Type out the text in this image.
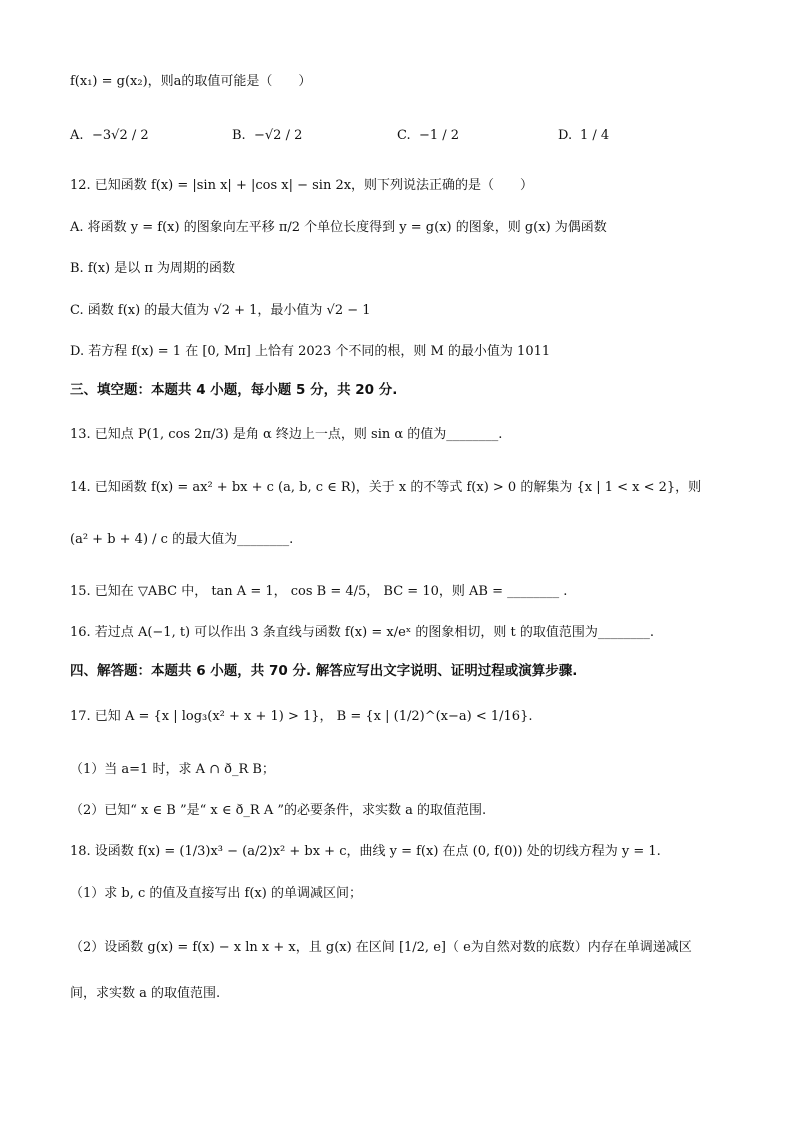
f(x₁) = g(x₂)，则a的取值可能是（　　）
A. −3√2 / 2	B. −√2 / 2	C. −1 / 2	D. 1 / 4
12. 已知函数 f(x) = |sin x| + |cos x| − sin 2x，则下列说法正确的是（　　）
A. 将函数 y = f(x) 的图象向左平移 π/2 个单位长度得到 y = g(x) 的图象，则 g(x) 为偶函数
B. f(x) 是以 π 为周期的函数
C. 函数 f(x) 的最大值为 √2 + 1，最小值为 √2 − 1
D. 若方程 f(x) = 1 在 [0, Mπ] 上恰有 2023 个不同的根，则 M 的最小值为 1011
三、填空题：本题共 4 小题，每小题 5 分，共 20 分.
13. 已知点 P(1, cos 2π/3) 是角 α 终边上一点，则 sin α 的值为________.
14. 已知函数 f(x) = ax² + bx + c (a, b, c ∈ R)，关于 x 的不等式 f(x) > 0 的解集为 {x | 1 < x < 2}，则
(a² + b + 4) / c 的最大值为________.
15. 已知在 ▽ABC 中， tan A = 1， cos B = 4/5， BC = 10，则 AB = ________ .
16. 若过点 A(−1, t) 可以作出 3 条直线与函数 f(x) = x/eˣ 的图象相切，则 t 的取值范围为________.
四、解答题：本题共 6 小题，共 70 分. 解答应写出文字说明、证明过程或演算步骤.
17. 已知 A = {x | log₃(x² + x + 1) > 1}， B = {x | (1/2)^(x−a) < 1/16}.
（1）当 a=1 时，求 A ∩ ð_R B；
（2）已知“ x ∈ B ”是“ x ∈ ð_R A ”的必要条件，求实数 a 的取值范围.
18. 设函数 f(x) = (1/3)x³ − (a/2)x² + bx + c，曲线 y = f(x) 在点 (0, f(0)) 处的切线方程为 y = 1.
（1）求 b, c 的值及直接写出 f(x) 的单调减区间；
（2）设函数 g(x) = f(x) − x ln x + x，且 g(x) 在区间 [1/2, e]（ e为自然对数的底数）内存在单调递减区
间，求实数 a 的取值范围.
